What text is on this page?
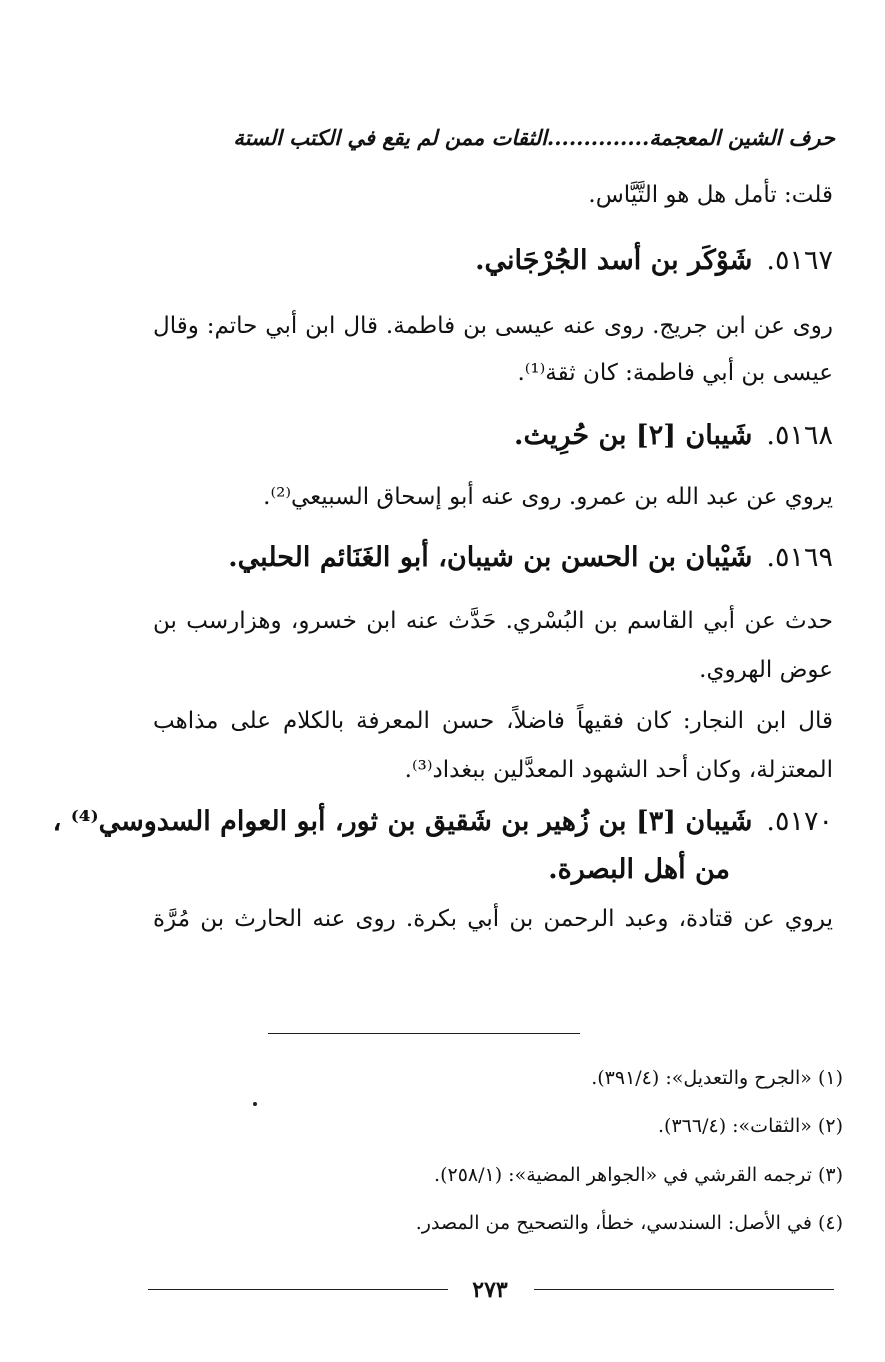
حرف الشين المعجمة..............الثقات ممن لم يقع في الكتب الستة
قلت: تأمل هل هو التَّيَّاس.
٥١٦٧.شَوْكَر بن أسد الجُرْجَاني.
روى عن ابن جريج. روى عنه عيسى بن فاطمة. قال ابن أبي حاتم: وقال
عيسى بن أبي فاطمة: كان ثقة⁽¹⁾.
٥١٦٨.شَيبان [٢] بن حُرِيث.
يروي عن عبد الله بن عمرو. روى عنه أبو إسحاق السبيعي⁽²⁾.
٥١٦٩.شَيْبان بن الحسن بن شيبان، أبو الغَنَائم الحلبي.
حدث عن أبي القاسم بن البُسْري. حَدَّث عنه ابن خسرو، وهزارسب بن
عوض الهروي.
قال ابن النجار: كان فقيهاً فاضلاً، حسن المعرفة بالكلام على مذاهب
المعتزلة، وكان أحد الشهود المعدَّلين ببغداد⁽³⁾.
٥١٧٠.شَيبان [٣] بن زُهير بن شَقيق بن ثور، أبو العوام السدوسي⁽⁴⁾ ،
من أهل البصرة.
يروي عن قتادة، وعبد الرحمن بن أبي بكرة. روى عنه الحارث بن مُرَّة
(١) «الجرح والتعديل»: (٣٩١/٤).
(٢) «الثقات»: (٣٦٦/٤).
(٣) ترجمه القرشي في «الجواهر المضية»: (٢٥٨/١).
(٤) في الأصل: السندسي، خطأ، والتصحيح من المصدر.
٢٧٣
